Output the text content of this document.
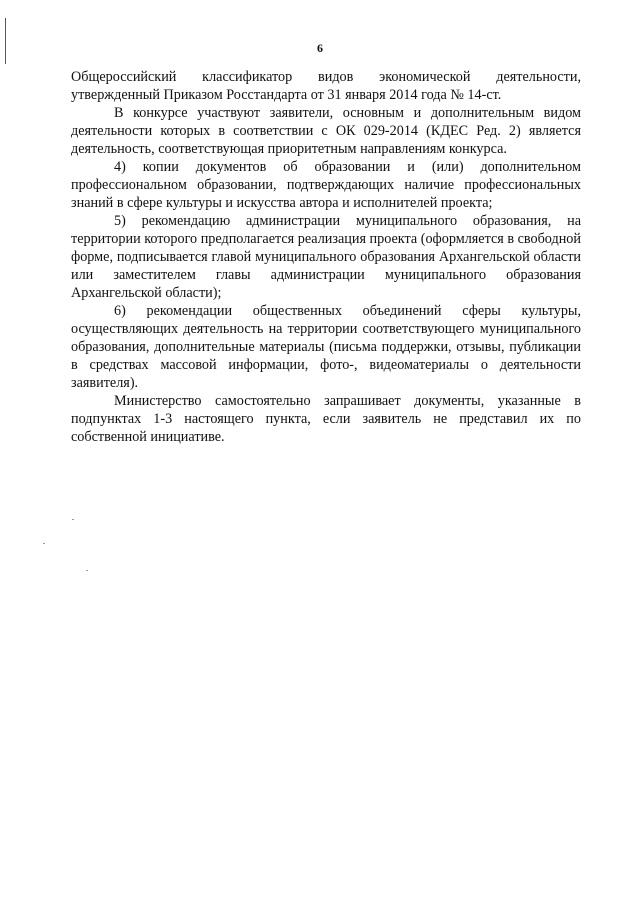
6

Общероссийский классификатор видов экономической деятельности, утвержденный Приказом Росстандарта от 31 января 2014 года № 14-ст.

В конкурсе участвуют заявители, основным и дополнительным видом деятельности которых в соответствии с ОК 029-2014 (КДЕС Ред. 2) является деятельность, соответствующая приоритетным направлениям конкурса.

4) копии документов об образовании и (или) дополнительном профессиональном образовании, подтверждающих наличие профессиональных знаний в сфере культуры и искусства автора и исполнителей проекта;

5) рекомендацию администрации муниципального образования, на территории которого предполагается реализация проекта (оформляется в свободной форме, подписывается главой муниципального образования Архангельской области или заместителем главы администрации муниципального образования Архангельской области);

6) рекомендации общественных объединений сферы культуры, осуществляющих деятельность на территории соответствующего муниципального образования, дополнительные материалы (письма поддержки, отзывы, публикации в средствах массовой информации, фото-, видеоматериалы о деятельности заявителя).

Министерство самостоятельно запрашивает документы, указанные в подпунктах 1-3 настоящего пункта, если заявитель не представил их по собственной инициативе.
